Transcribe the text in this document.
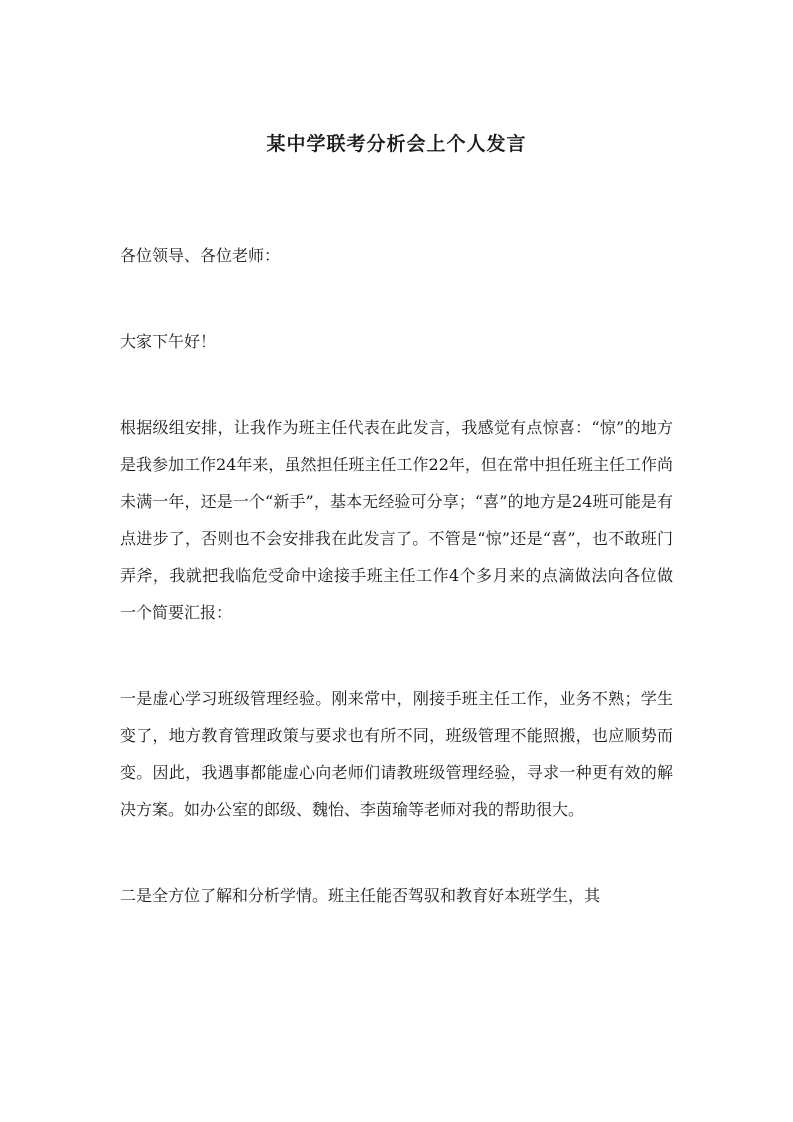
某中学联考分析会上个人发言

各位领导、各位老师：

大家下午好！

根据级组安排，让我作为班主任代表在此发言，我感觉有点惊喜：“惊”的地方是我参加工作24年来，虽然担任班主任工作22年，但在常中担任班主任工作尚未满一年，还是一个“新手”，基本无经验可分享；“喜”的地方是24班可能是有点进步了，否则也不会安排我在此发言了。不管是“惊”还是“喜”，也不敢班门弄斧，我就把我临危受命中途接手班主任工作4个多月来的点滴做法向各位做一个简要汇报：

一是虚心学习班级管理经验。刚来常中，刚接手班主任工作，业务不熟；学生变了，地方教育管理政策与要求也有所不同，班级管理不能照搬，也应顺势而变。因此，我遇事都能虚心向老师们请教班级管理经验，寻求一种更有效的解决方案。如办公室的郎级、魏怡、李茵瑜等老师对我的帮助很大。

二是全方位了解和分析学情。班主任能否驾驭和教育好本班学生，其
